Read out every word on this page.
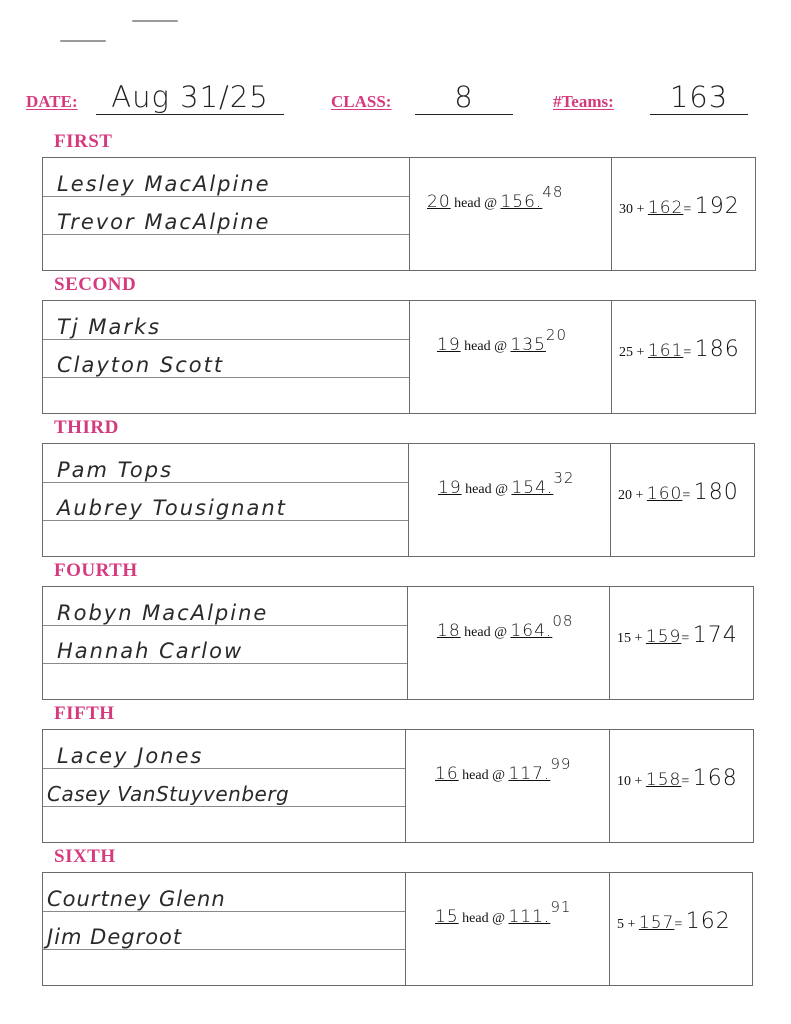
DATE:	Aug 31/25	CLASS:	8	#Teams:	163
FIRST
Lesley MacAlpine
Trevor MacAlpine
20 head @ 156.48
30 + 162= 192
SECOND
Tj Marks
Clayton Scott
19 head @ 13520
25 + 161= 186
THIRD
Pam Tops
Aubrey Tousignant
19 head @ 154.32
20 + 160= 180
FOURTH
Robyn MacAlpine
Hannah Carlow
18 head @ 164.08
15 + 159= 174
FIFTH
Lacey Jones
Casey VanStuyvenberg
16 head @ 117.99
10 + 158= 168
SIXTH
Courtney Glenn
Jim Degroot
15 head @ 111.91
5 + 157= 162
